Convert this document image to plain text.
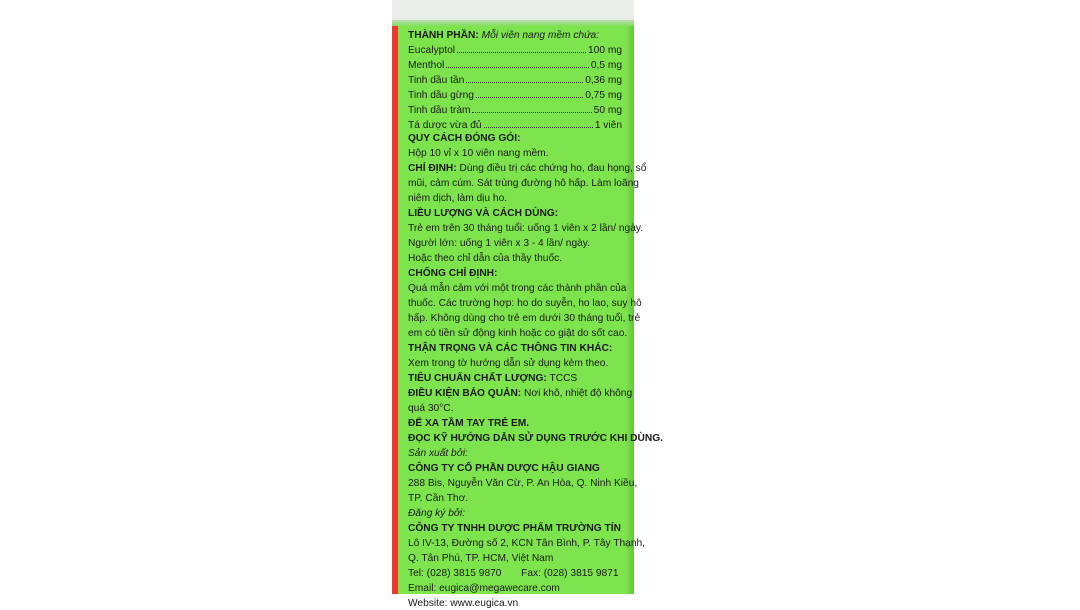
THÀNH PHẦN: Mỗi viên nang mềm chứa:
Eucalyptol	100 mg
Menthol	0,5 mg
Tinh dầu tần	0,36 mg
Tinh dầu gừng	0,75 mg
Tinh dầu tràm	50 mg
Tá dược vừa đủ	1 viên
QUY CÁCH ĐÓNG GÓI:
Hộp 10 vỉ x 10 viên nang mềm.
CHỈ ĐỊNH: Dùng điều trị các chứng ho, đau họng, sổ
mũi, cảm cúm. Sát trùng đường hô hấp. Làm loãng
niêm dịch, làm dịu ho.
LIỀU LƯỢNG VÀ CÁCH DÙNG:
Trẻ em trên 30 tháng tuổi: uống 1 viên x 2 lần/ ngày.
Người lớn: uống 1 viên x 3 - 4 lần/ ngày.
Hoặc theo chỉ dẫn của thầy thuốc.
CHỐNG CHỈ ĐỊNH:
Quá mẫn cảm với một trong các thành phần của
thuốc. Các trường hợp: ho do suyễn, ho lao, suy hô
hấp. Không dùng cho trẻ em dưới 30 tháng tuổi, trẻ
em có tiền sử động kinh hoặc co giật do sốt cao.
THẬN TRỌNG VÀ CÁC THÔNG TIN KHÁC:
Xem trong tờ hướng dẫn sử dụng kèm theo.
TIÊU CHUẨN CHẤT LƯỢNG: TCCS
ĐIỀU KIỆN BẢO QUẢN: Nơi khô, nhiệt độ không
quá 30°C.
ĐỂ XA TẦM TAY TRẺ EM.
ĐỌC KỸ HƯỚNG DẪN SỬ DỤNG TRƯỚC KHI DÙNG.
Sản xuất bởi:
CÔNG TY CỔ PHẦN DƯỢC HẬU GIANG
288 Bis, Nguyễn Văn Cừ, P. An Hòa, Q. Ninh Kiều,
TP. Cần Thơ.
Đăng ký bởi:
CÔNG TY TNHH DƯỢC PHẨM TRƯỜNG TÍN
Lô IV-13, Đường số 2, KCN Tân Bình, P. Tây Thạnh,
Q. Tân Phú, TP. HCM, Việt Nam
Tel: (028) 3815 9870 Fax: (028) 3815 9871
Email: eugica@megawecare.com
Website: www.eugica.vn
